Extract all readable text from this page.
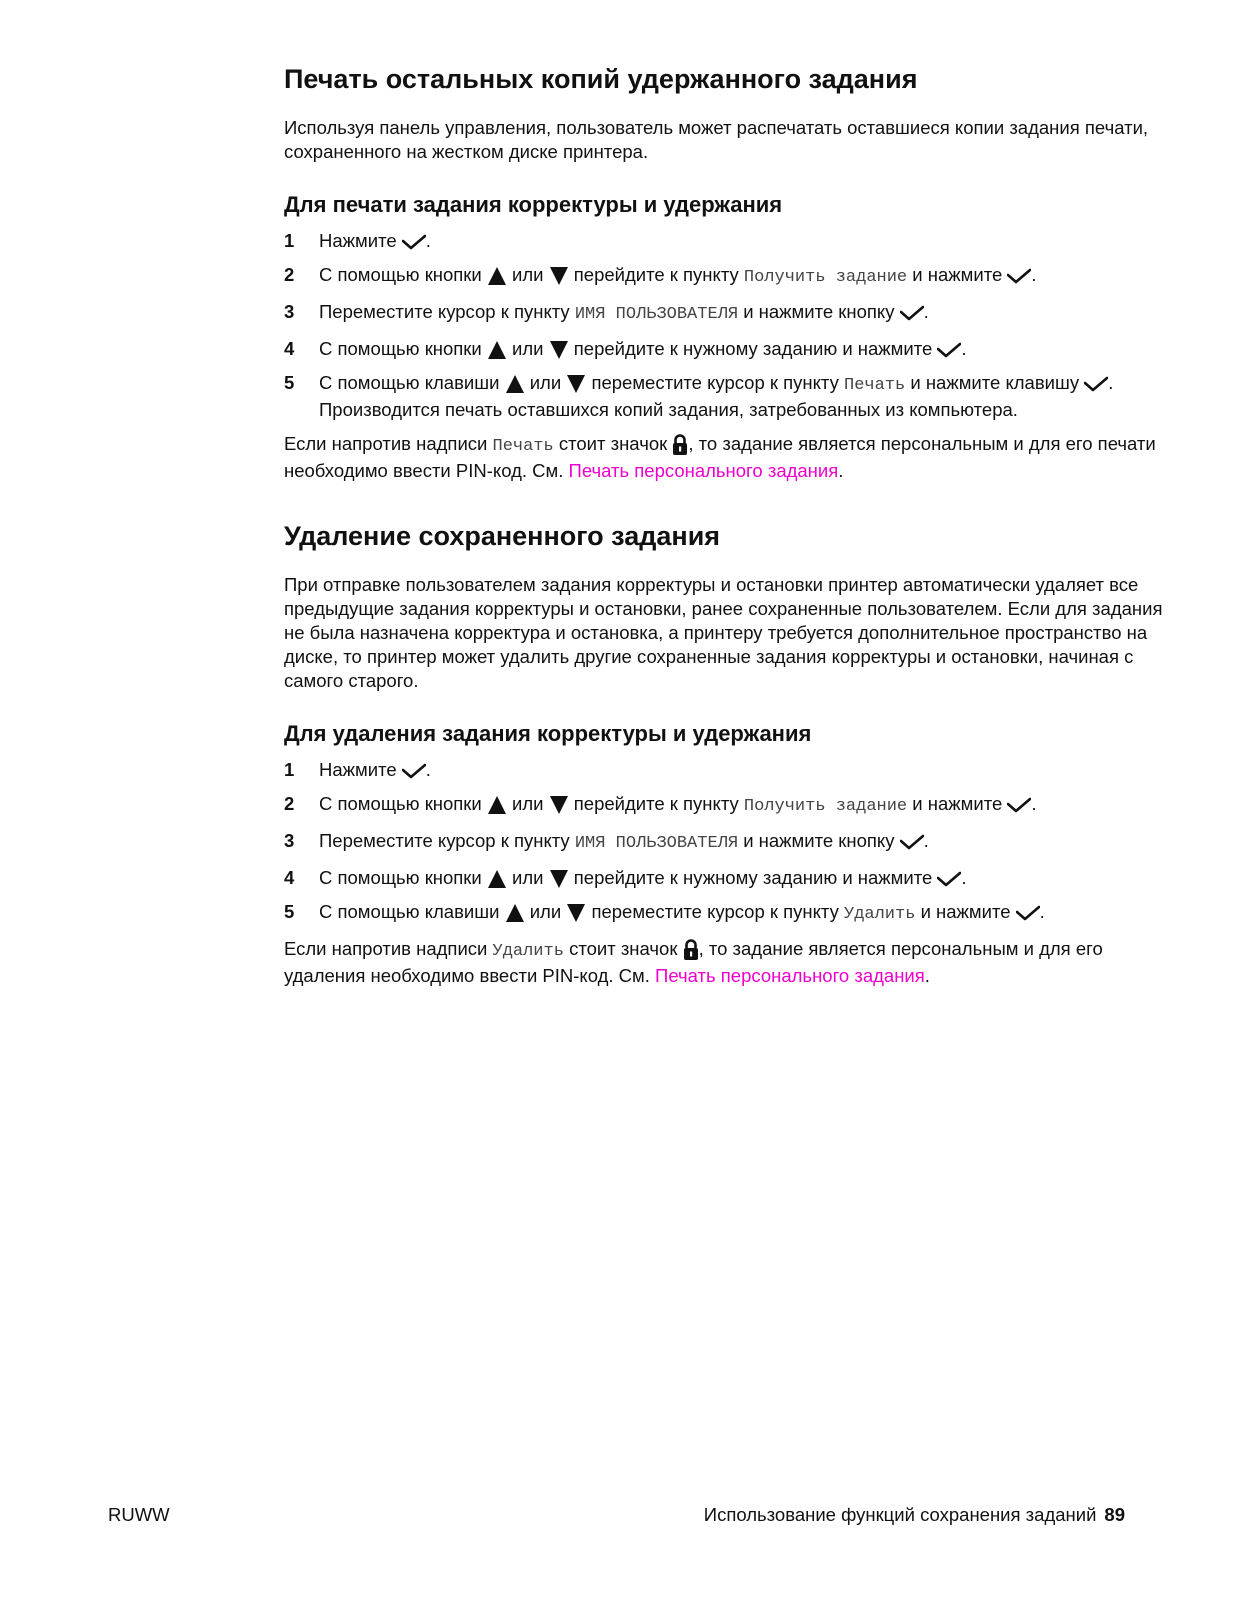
Печать остальных копий удержанного задания

Используя панель управления, пользователь может распечатать оставшиеся копии задания печати, сохраненного на жестком диске принтера.

Для печати задания корректуры и удержания
1 Нажмите .
2 С помощью кнопки или перейдите к пункту Получить задание и нажмите .
3 Переместите курсор к пункту ИМЯ ПОЛЬЗОВАТЕЛЯ и нажмите кнопку .
4 С помощью кнопки или перейдите к нужному заданию и нажмите .
5 С помощью клавиши или переместите курсор к пункту Печать и нажмите клавишу . Производится печать оставшихся копий задания, затребованных из компьютера.

Если напротив надписи Печать стоит значок , то задание является персональным и для его печати необходимо ввести PIN-код. См. Печать персонального задания.

Удаление сохраненного задания

При отправке пользователем задания корректуры и остановки принтер автоматически удаляет все предыдущие задания корректуры и остановки, ранее сохраненные пользователем. Если для задания не была назначена корректура и остановка, а принтеру требуется дополнительное пространство на диске, то принтер может удалить другие сохраненные задания корректуры и остановки, начиная с самого старого.

Для удаления задания корректуры и удержания
1 Нажмите .
2 С помощью кнопки или перейдите к пункту Получить задание и нажмите .
3 Переместите курсор к пункту ИМЯ ПОЛЬЗОВАТЕЛЯ и нажмите кнопку .
4 С помощью кнопки или перейдите к нужному заданию и нажмите .
5 С помощью клавиши или переместите курсор к пункту Удалить и нажмите .

Если напротив надписи Удалить стоит значок , то задание является персональным и для его удаления необходимо ввести PIN-код. См. Печать персонального задания.

RUWW	Использование функций сохранения заданий 89
